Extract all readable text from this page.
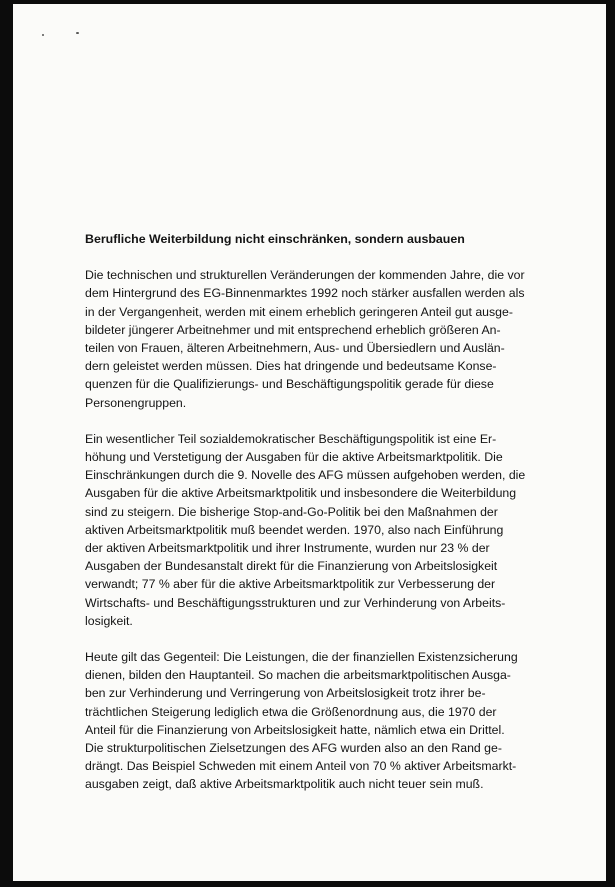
Berufliche Weiterbildung nicht einschränken, sondern ausbauen
Die technischen und strukturellen Veränderungen der kommenden Jahre, die vor
dem Hintergrund des EG-Binnenmarktes 1992 noch stärker ausfallen werden als
in der Vergangenheit, werden mit einem erheblich geringeren Anteil gut ausge-
bildeter jüngerer Arbeitnehmer und mit entsprechend erheblich größeren An-
teilen von Frauen, älteren Arbeitnehmern, Aus- und Übersiedlern und Auslän-
dern geleistet werden müssen. Dies hat dringende und bedeutsame Konse-
quenzen für die Qualifizierungs- und Beschäftigungspolitik gerade für diese
Personengruppen.
Ein wesentlicher Teil sozialdemokratischer Beschäftigungspolitik ist eine Er-
höhung und Verstetigung der Ausgaben für die aktive Arbeitsmarktpolitik. Die
Einschränkungen durch die 9. Novelle des AFG müssen aufgehoben werden, die
Ausgaben für die aktive Arbeitsmarktpolitik und insbesondere die Weiterbildung
sind zu steigern. Die bisherige Stop-and-Go-Politik bei den Maßnahmen der
aktiven Arbeitsmarktpolitik muß beendet werden. 1970, also nach Einführung
der aktiven Arbeitsmarktpolitik und ihrer Instrumente, wurden nur 23 % der
Ausgaben der Bundesanstalt direkt für die Finanzierung von Arbeitslosigkeit
verwandt; 77 % aber für die aktive Arbeitsmarktpolitik zur Verbesserung der
Wirtschafts- und Beschäftigungsstrukturen und zur Verhinderung von Arbeits-
losigkeit.
Heute gilt das Gegenteil: Die Leistungen, die der finanziellen Existenzsicherung
dienen, bilden den Hauptanteil. So machen die arbeitsmarktpolitischen Ausga-
ben zur Verhinderung und Verringerung von Arbeitslosigkeit trotz ihrer be-
trächtlichen Steigerung lediglich etwa die Größenordnung aus, die 1970 der
Anteil für die Finanzierung von Arbeitslosigkeit hatte, nämlich etwa ein Drittel.
Die strukturpolitischen Zielsetzungen des AFG wurden also an den Rand ge-
drängt. Das Beispiel Schweden mit einem Anteil von 70 % aktiver Arbeitsmarkt-
ausgaben zeigt, daß aktive Arbeitsmarktpolitik auch nicht teuer sein muß.
